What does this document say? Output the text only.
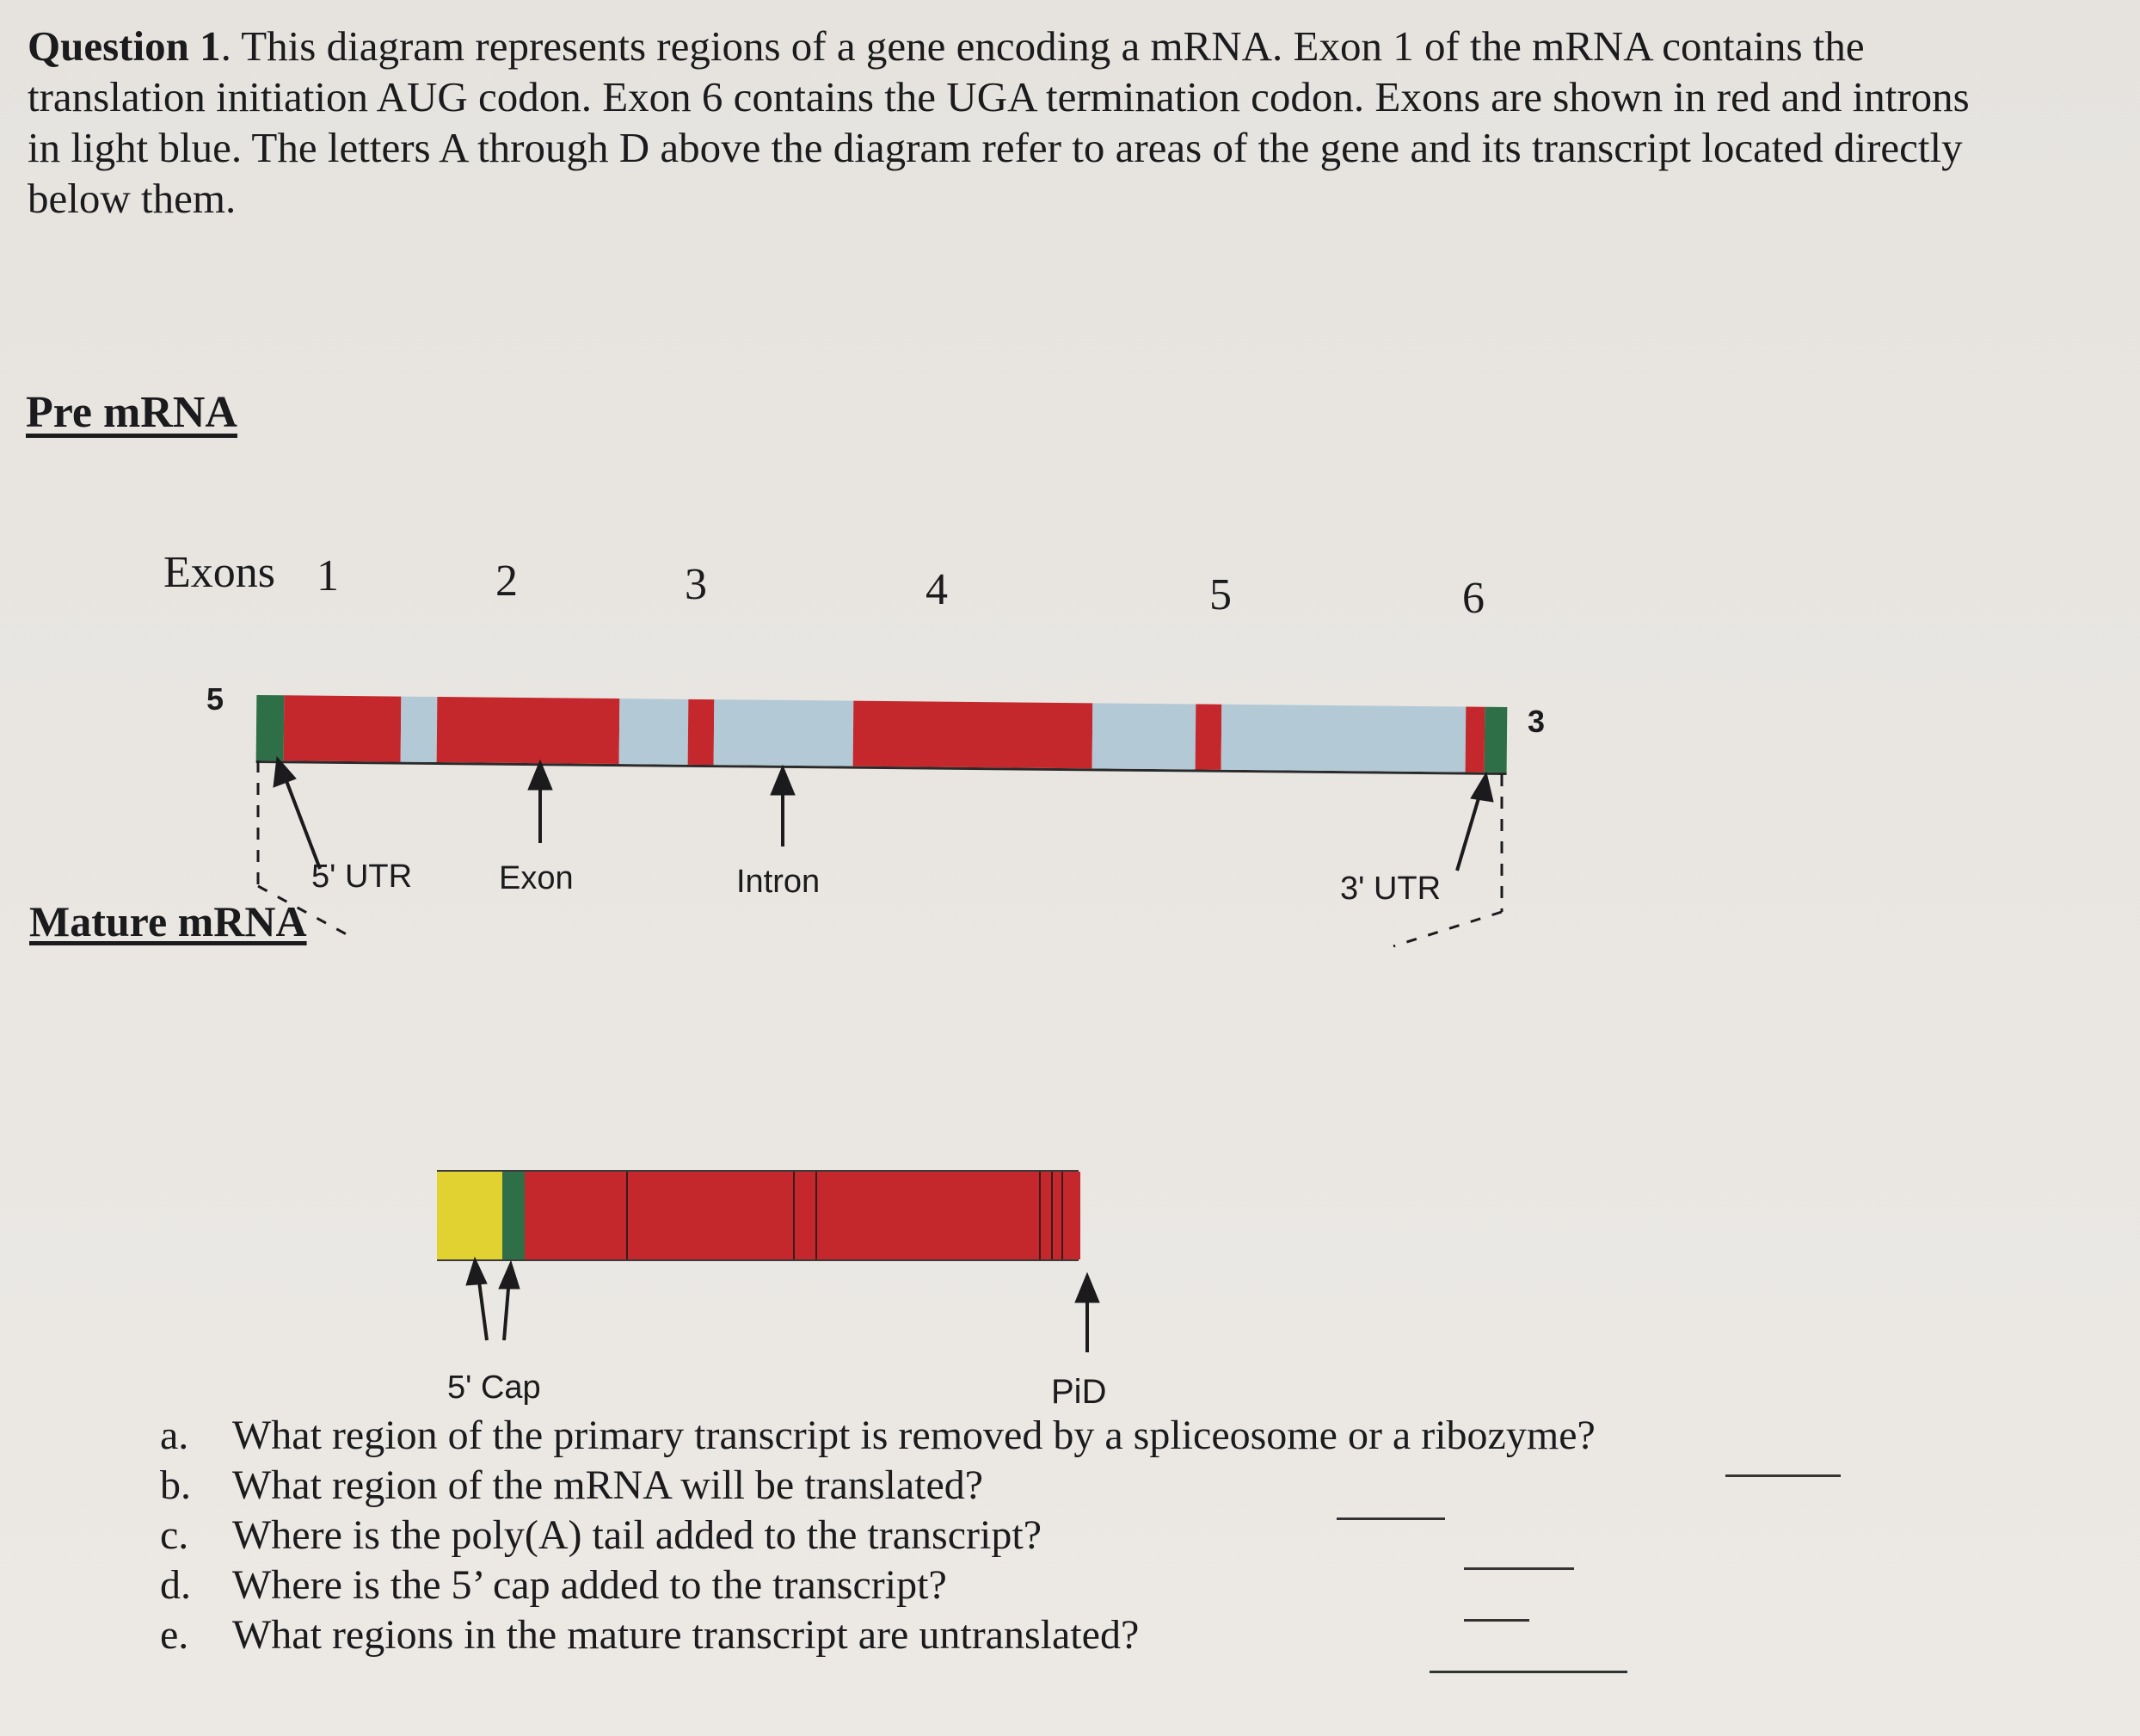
Question 1. This diagram represents regions of a gene encoding a mRNA. Exon 1 of the mRNA contains the translation initiation AUG codon. Exon 6 contains the UGA termination codon. Exons are shown in red and introns in light blue. The letters A through D above the diagram refer to areas of the gene and its transcript located directly below them.
Pre mRNA
Exons 1	2	3	4	5	6
5
3
5' UTR	Exon	Intron	3' UTR
Mature mRNA
5' Cap	PiD
a.	What region of the primary transcript is removed by a spliceosome or a ribozyme?
b.	What region of the mRNA will be translated?
c.	Where is the poly(A) tail added to the transcript?
d.	Where is the 5’ cap added to the transcript?
e.	What regions in the mature transcript are untranslated?
